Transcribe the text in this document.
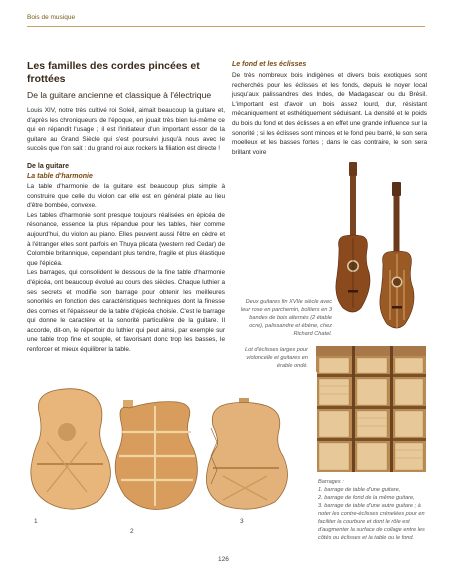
Bois de musique
Les familles des cordes pincées et frottées
De la guitare ancienne et classique à l'électrique

Louis XIV, notre très cultivé roi Soleil, aimait beaucoup la guitare et, d'après les chroniqueurs de l'époque, en jouait très bien lui-même ce qui en répandit l'usage ; il est l'initiateur d'un important essor de la guitare au Grand Siècle qui s'est poursuivi jusqu'à nous avec le succès que l'on sait : du grand roi aux rockers la filiation est directe !

De la guitare
La table d'harmonie

La table d'harmonie de la guitare est beaucoup plus simple à construire que celle du violon car elle est en général plate au lieu d'être bombée, convexe.

Les tables d'harmonie sont presque toujours réalisées en épicéa de résonance, essence la plus répandue pour les tables, hier comme aujourd'hui, du violon au piano. Elles peuvent aussi l'être en cèdre et à l'étranger elles sont parfois en Thuya plicata (western red Cedar) de Colombie britannique, cependant plus tendre, fragile et plus élastique que l'épicéa.

Les barrages, qui consolident le dessous de la fine table d'harmonie d'épicéa, ont beaucoup évolué au cours des siècles. Chaque luthier a ses secrets et modifie son barrage pour obtenir les meilleures sonorités en fonction des caractéristiques techniques dont la finesse des cornes et l'épaisseur de la table d'épicéa choisie. C'est le barrage qui donne le caractère et la sonorité particulière de la guitare. Il accorde, dit-on, le répertoir du luthier qui peut ainsi, par exemple sur une table trop fine et souple, et favorisant donc trop les basses, le renforcer et mieux équilibrer la table.

Le fond et les éclisses

De très nombreux bois indigènes et divers bois exotiques sont recherchés pour les éclisses et les fonds, depuis le noyer local jusqu'aux palissandres des Indes, de Madagascar ou du Brésil. L'important est d'avoir un bois assez lourd, dur, résistant mécaniquement et esthétiquement séduisant. La densité et le poids du bois du fond et des éclisses a en effet une grande influence sur la sonorité ; si les éclisses sont minces et le fond peu barré, le son sera moelleux et les basses fortes ; dans le cas contraire, le son sera brillant voire

Deux guitares fin XVIIe siècle avec leur rose en parchemin, boîtiers en 3 bandes de bois alternés (2 étable ocre), palissandre et ébène, chez Richard Chatel.
Lot d'éclisses larges pour violoncelle et guitares en érable ondé.
1
2
3
Barrages :
1. barrage de table d'une guitare,
2. barrage de fond de la même guitare,
3. barrage de table d'une autre guitare ; à noter les contre-éclisses crénelées pour en faciliter la courbure et dont le rôle est d'augmenter la surface de collage entre les côtés ou éclisses et la table ou le fond.
126
